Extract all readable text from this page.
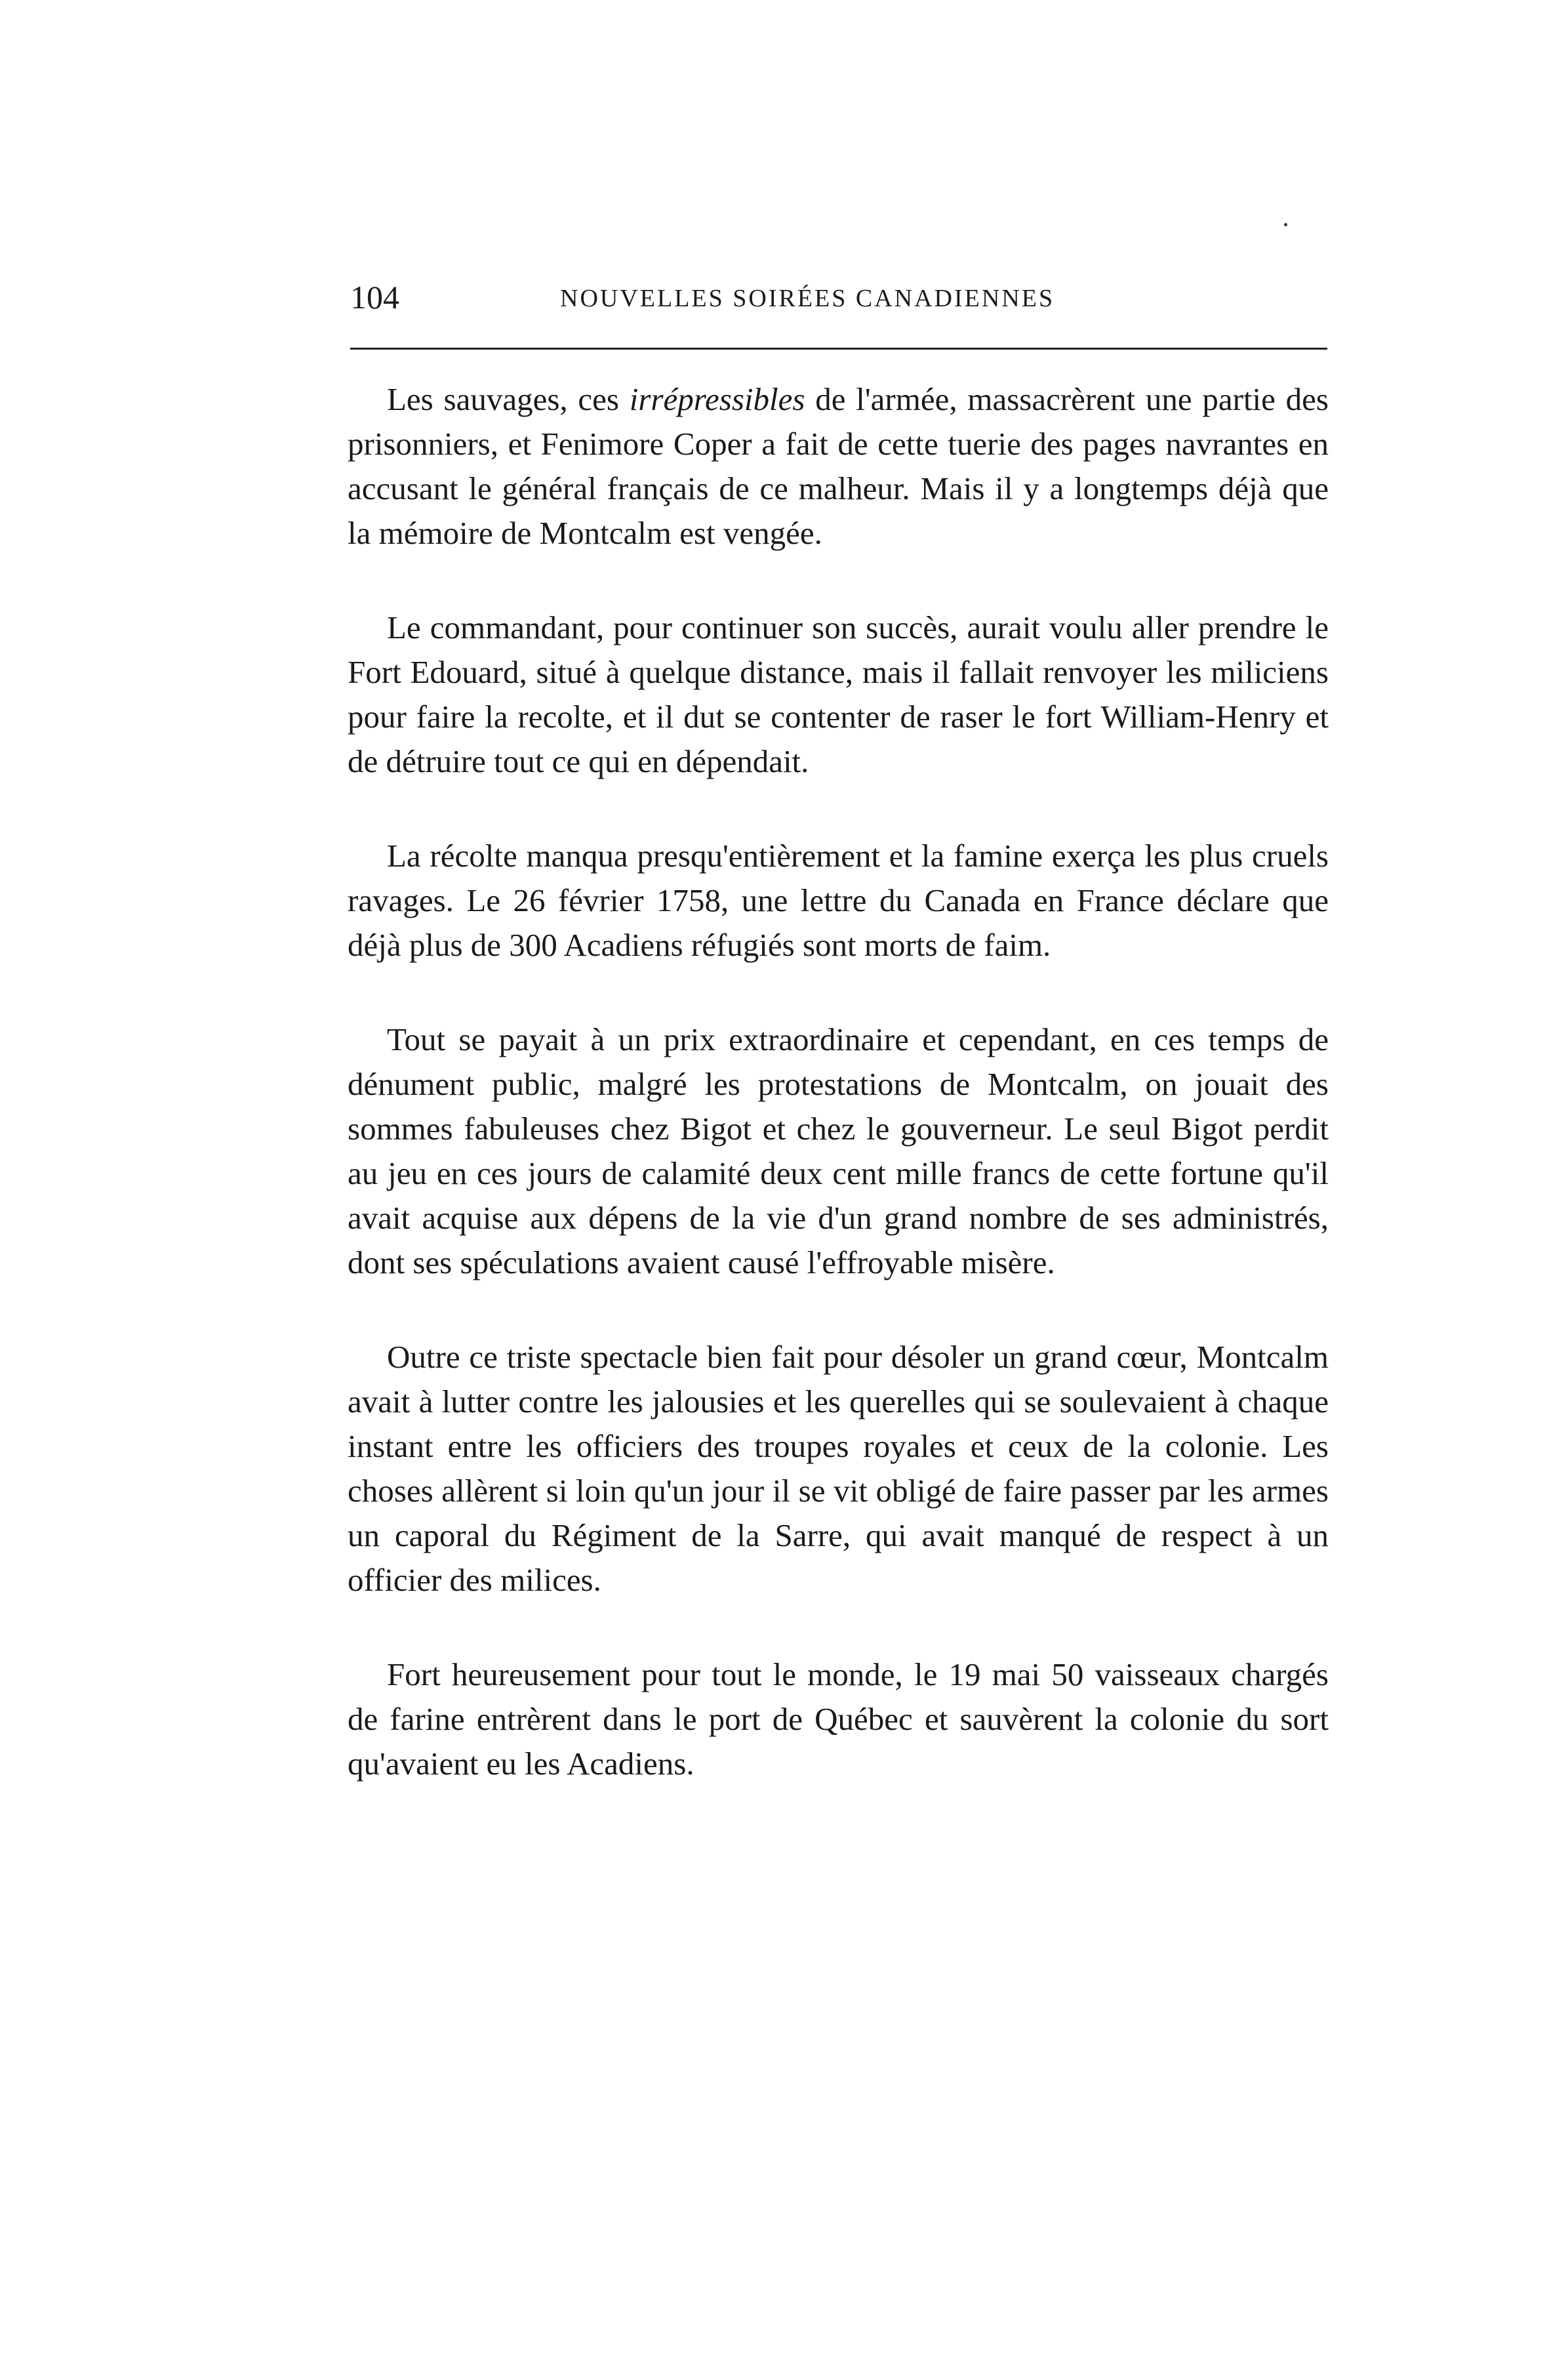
104	NOUVELLES SOIRÉES CANADIENNES

Les sauvages, ces irrépressibles de l'armée, massacrèrent une partie des prisonniers, et Fenimore Coper a fait de cette tuerie des pages navrantes en accusant le général français de ce malheur. Mais il y a longtemps déjà que la mémoire de Montcalm est vengée.

Le commandant, pour continuer son succès, aurait voulu aller prendre le Fort Edouard, situé à quelque distance, mais il fallait renvoyer les miliciens pour faire la recolte, et il dut se contenter de raser le fort William-Henry et de détruire tout ce qui en dépendait.

La récolte manqua presqu'entièrement et la famine exerça les plus cruels ravages. Le 26 février 1758, une lettre du Canada en France déclare que déjà plus de 300 Acadiens réfugiés sont morts de faim.

Tout se payait à un prix extraordinaire et cependant, en ces temps de dénument public, malgré les protestations de Montcalm, on jouait des sommes fabuleuses chez Bigot et chez le gouverneur. Le seul Bigot perdit au jeu en ces jours de calamité deux cent mille francs de cette fortune qu'il avait acquise aux dépens de la vie d'un grand nombre de ses administrés, dont ses spéculations avaient causé l'effroyable misère.

Outre ce triste spectacle bien fait pour désoler un grand cœur, Montcalm avait à lutter contre les jalousies et les querelles qui se soulevaient à chaque instant entre les officiers des troupes royales et ceux de la colonie. Les choses allèrent si loin qu'un jour il se vit obligé de faire passer par les armes un caporal du Régiment de la Sarre, qui avait manqué de respect à un officier des milices.

Fort heureusement pour tout le monde, le 19 mai 50 vaisseaux chargés de farine entrèrent dans le port de Québec et sauvèrent la colonie du sort qu'avaient eu les Acadiens.
